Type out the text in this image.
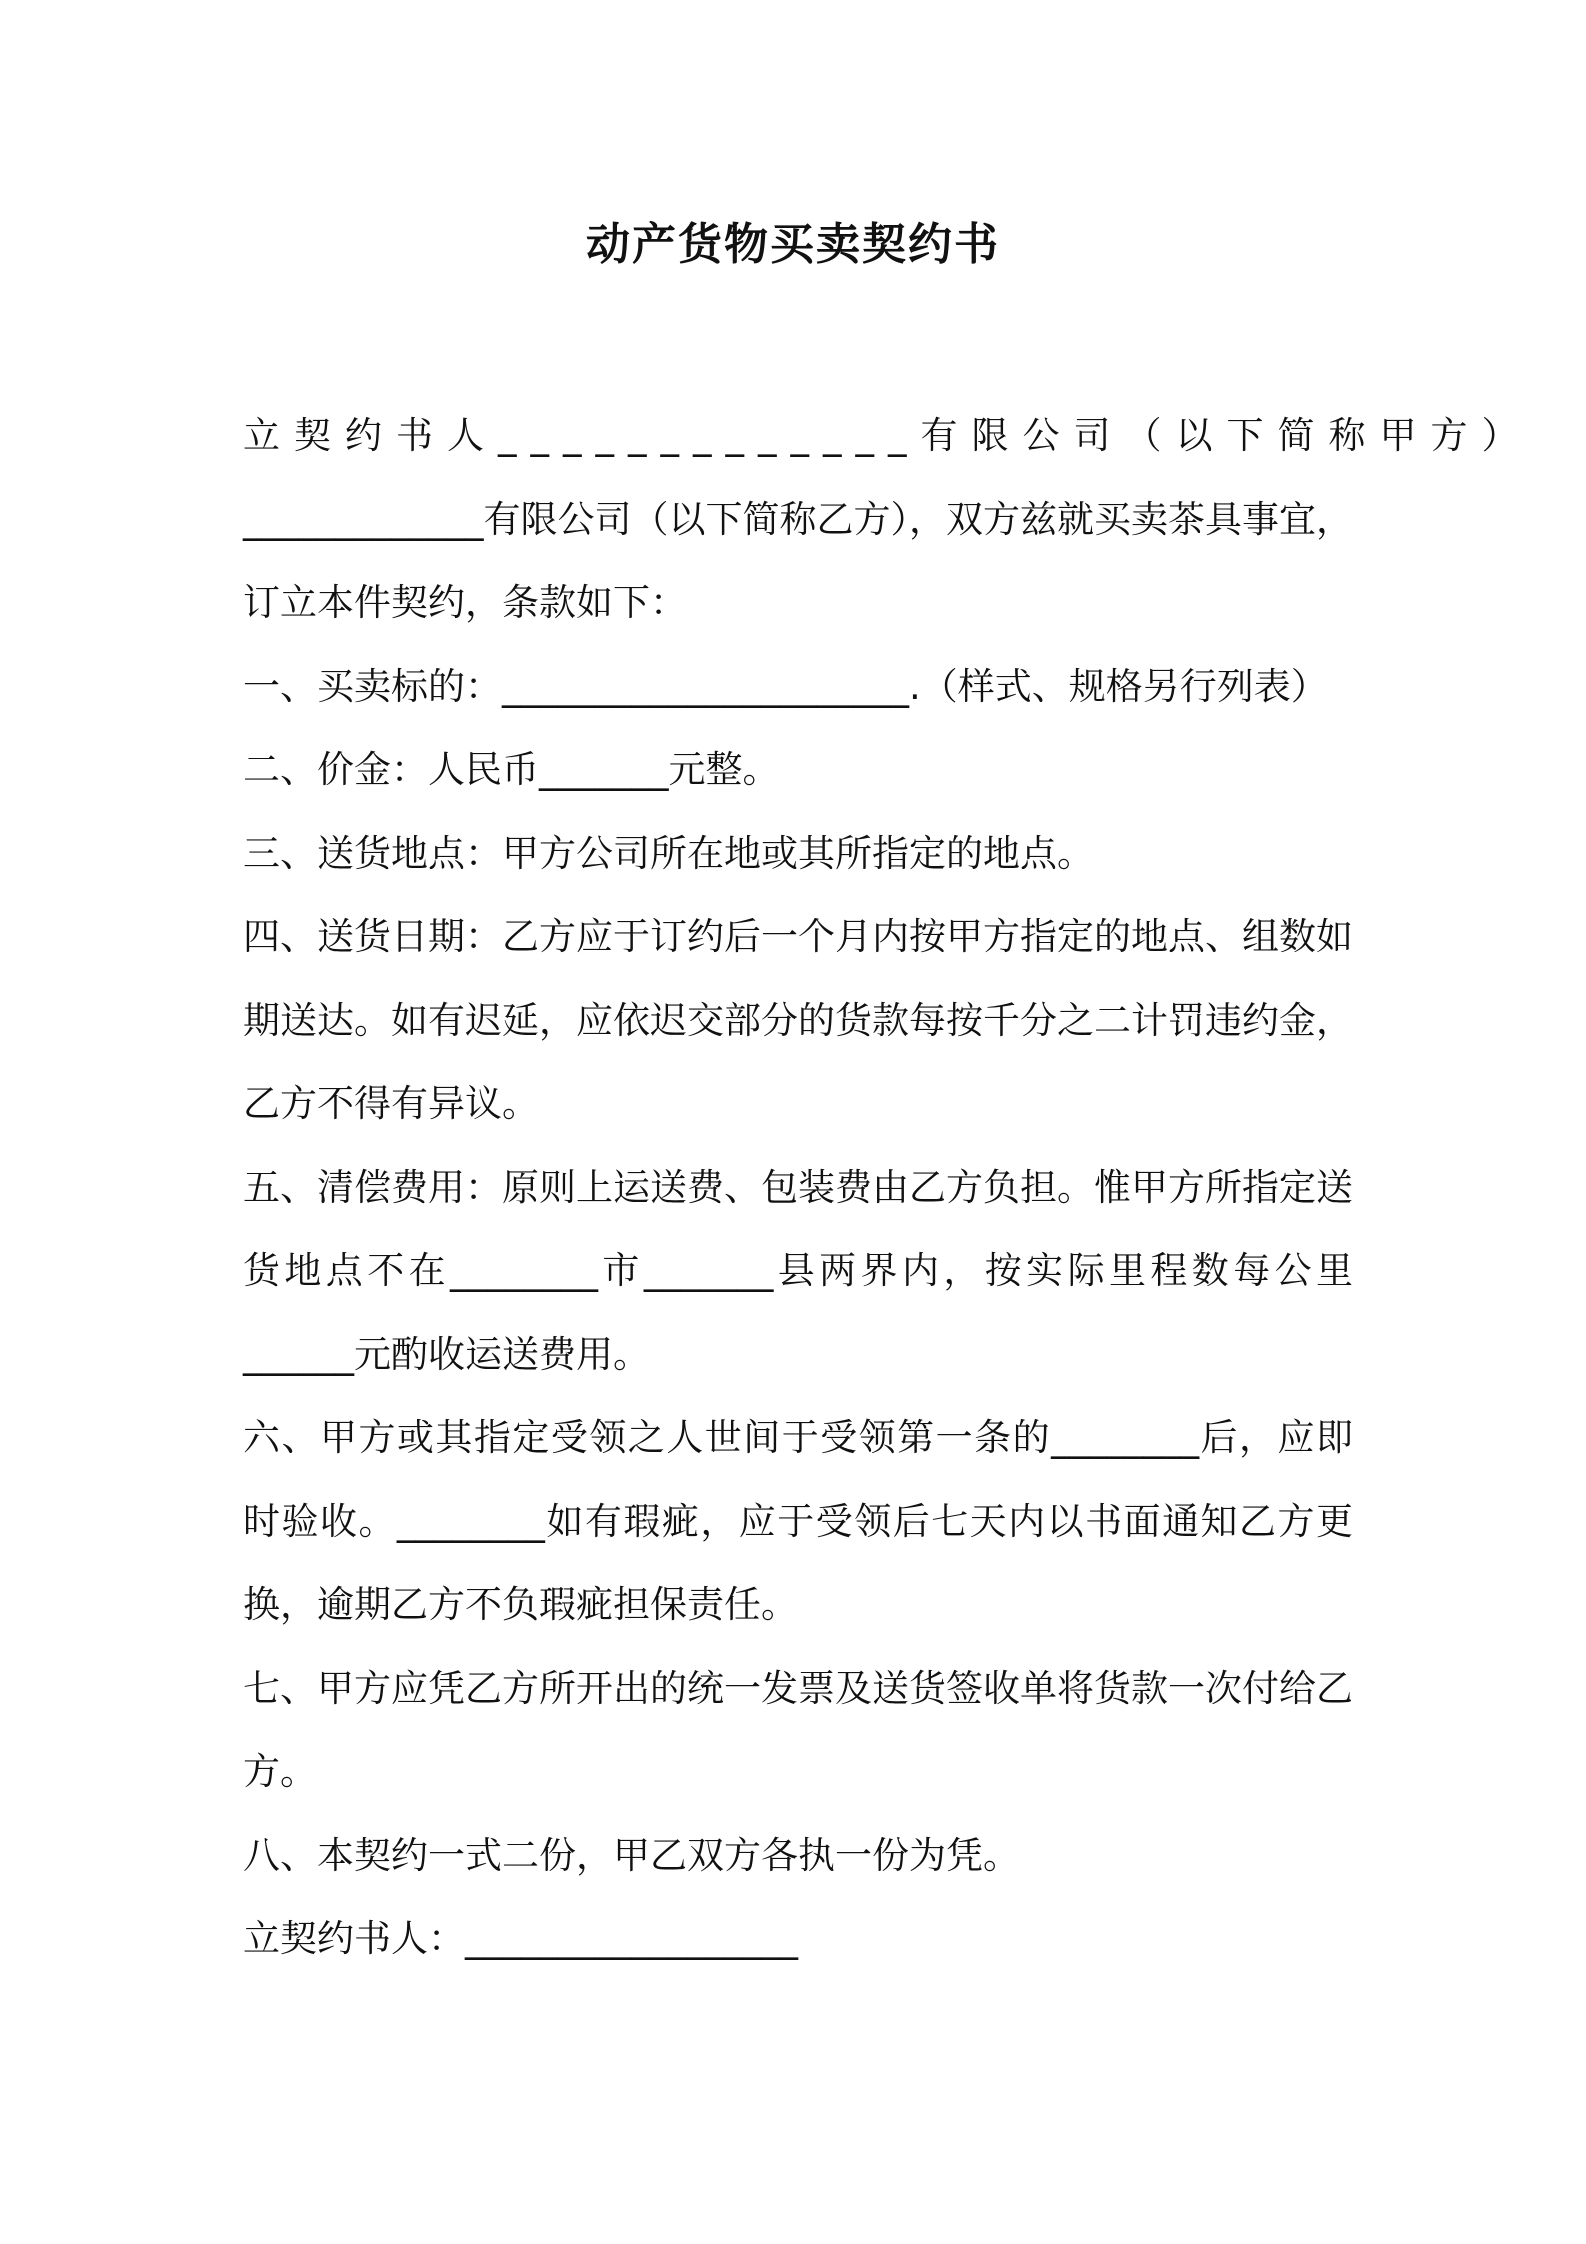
动产货物买卖契约书
立契约书人_____________有限公司（以下简称甲方）
_____________有限公司（以下简称乙方），双方兹就买卖茶具事宜，
订立本件契约，条款如下：
一、买卖标的：______________________.（样式、规格另行列表）
二、价金：人民币_______元整。
三、送货地点：甲方公司所在地或其所指定的地点。
四、送货日期：乙方应于订约后一个月内按甲方指定的地点、组数如
期送达。如有迟延，应依迟交部分的货款每按千分之二计罚违约金，
乙方不得有异议。
五、清偿费用：原则上运送费、包装费由乙方负担。惟甲方所指定送
货地点不在________市_______县两界内，按实际里程数每公里
______元酌收运送费用。
六、甲方或其指定受领之人世间于受领第一条的________后，应即
时验收。________如有瑕疵，应于受领后七天内以书面通知乙方更
换，逾期乙方不负瑕疵担保责任。
七、甲方应凭乙方所开出的统一发票及送货签收单将货款一次付给乙
方。
八、本契约一式二份，甲乙双方各执一份为凭。
立契约书人：__________________
